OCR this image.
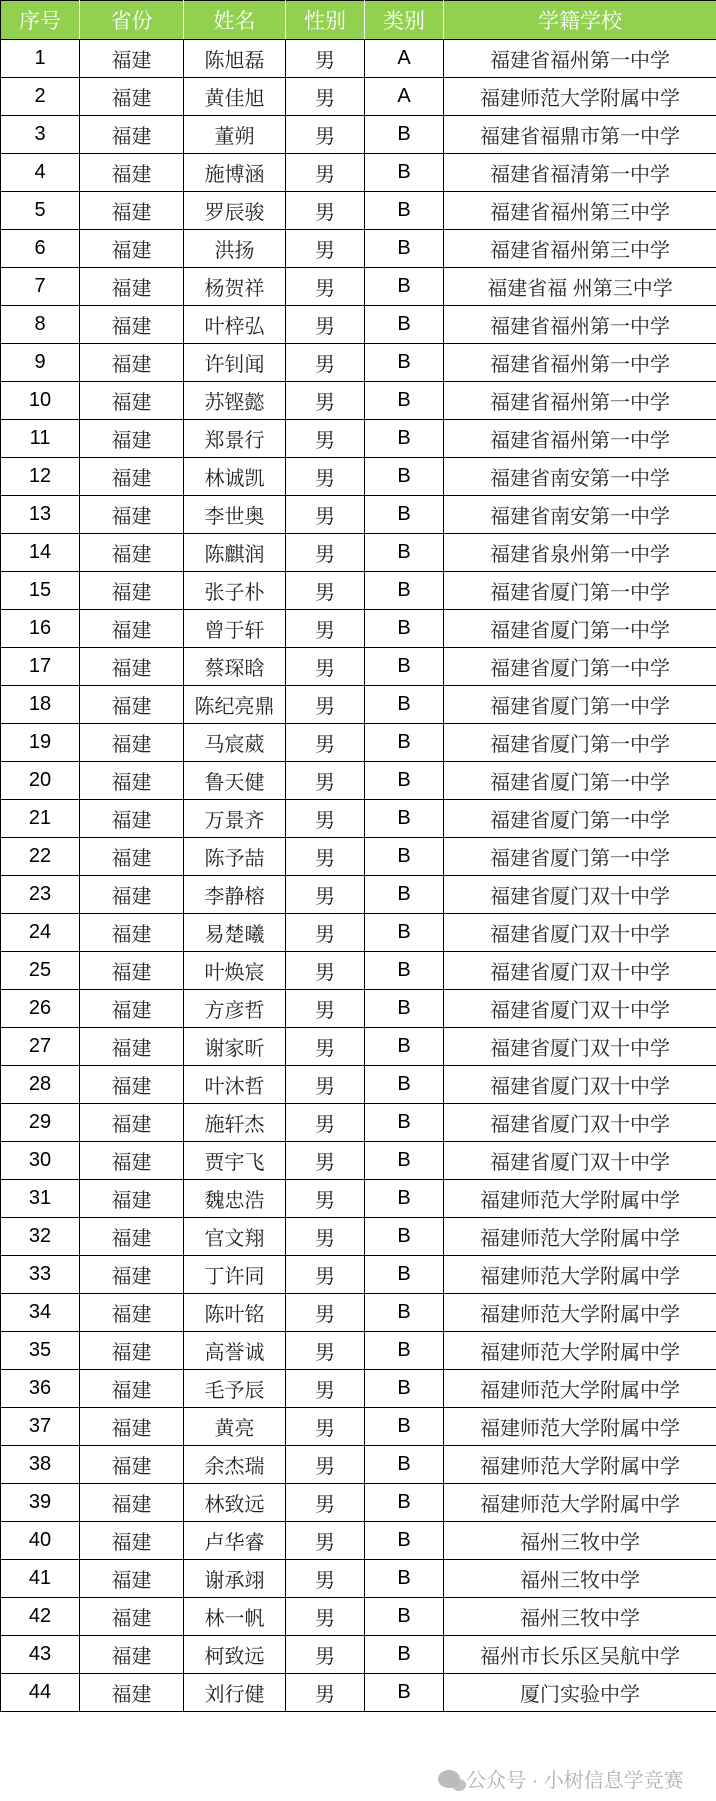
序号	省份	姓名	性别	类别	学籍学校
1	福建	陈旭磊	男	A	福建省福州第一中学
2	福建	黄佳旭	男	A	福建师范大学附属中学
3	福建	董朔	男	B	福建省福鼎市第一中学
4	福建	施博涵	男	B	福建省福清第一中学
5	福建	罗辰骏	男	B	福建省福州第三中学
6	福建	洪扬	男	B	福建省福州第三中学
7	福建	杨贺祥	男	B	福建省福 州第三中学
8	福建	叶梓弘	男	B	福建省福州第一中学
9	福建	许钊闻	男	B	福建省福州第一中学
10	福建	苏铿懿	男	B	福建省福州第一中学
11	福建	郑景行	男	B	福建省福州第一中学
12	福建	林诚凯	男	B	福建省南安第一中学
13	福建	李世奥	男	B	福建省南安第一中学
14	福建	陈麒润	男	B	福建省泉州第一中学
15	福建	张子朴	男	B	福建省厦门第一中学
16	福建	曾于轩	男	B	福建省厦门第一中学
17	福建	蔡琛晗	男	B	福建省厦门第一中学
18	福建	陈纪亮鼎	男	B	福建省厦门第一中学
19	福建	马宸葳	男	B	福建省厦门第一中学
20	福建	鲁天健	男	B	福建省厦门第一中学
21	福建	万景齐	男	B	福建省厦门第一中学
22	福建	陈予喆	男	B	福建省厦门第一中学
23	福建	李静榕	男	B	福建省厦门双十中学
24	福建	易楚曦	男	B	福建省厦门双十中学
25	福建	叶焕宸	男	B	福建省厦门双十中学
26	福建	方彦哲	男	B	福建省厦门双十中学
27	福建	谢家昕	男	B	福建省厦门双十中学
28	福建	叶沐哲	男	B	福建省厦门双十中学
29	福建	施轩杰	男	B	福建省厦门双十中学
30	福建	贾宇飞	男	B	福建省厦门双十中学
31	福建	魏忠浩	男	B	福建师范大学附属中学
32	福建	官文翔	男	B	福建师范大学附属中学
33	福建	丁许同	男	B	福建师范大学附属中学
34	福建	陈叶铭	男	B	福建师范大学附属中学
35	福建	高誉诚	男	B	福建师范大学附属中学
36	福建	毛予辰	男	B	福建师范大学附属中学
37	福建	黄亮	男	B	福建师范大学附属中学
38	福建	余杰瑞	男	B	福建师范大学附属中学
39	福建	林致远	男	B	福建师范大学附属中学
40	福建	卢华睿	男	B	福州三牧中学
41	福建	谢承翊	男	B	福州三牧中学
42	福建	林一帆	男	B	福州三牧中学
43	福建	柯致远	男	B	福州市长乐区吴航中学
44	福建	刘行健	男	B	厦门实验中学
公众号 · 小树信息学竞赛
